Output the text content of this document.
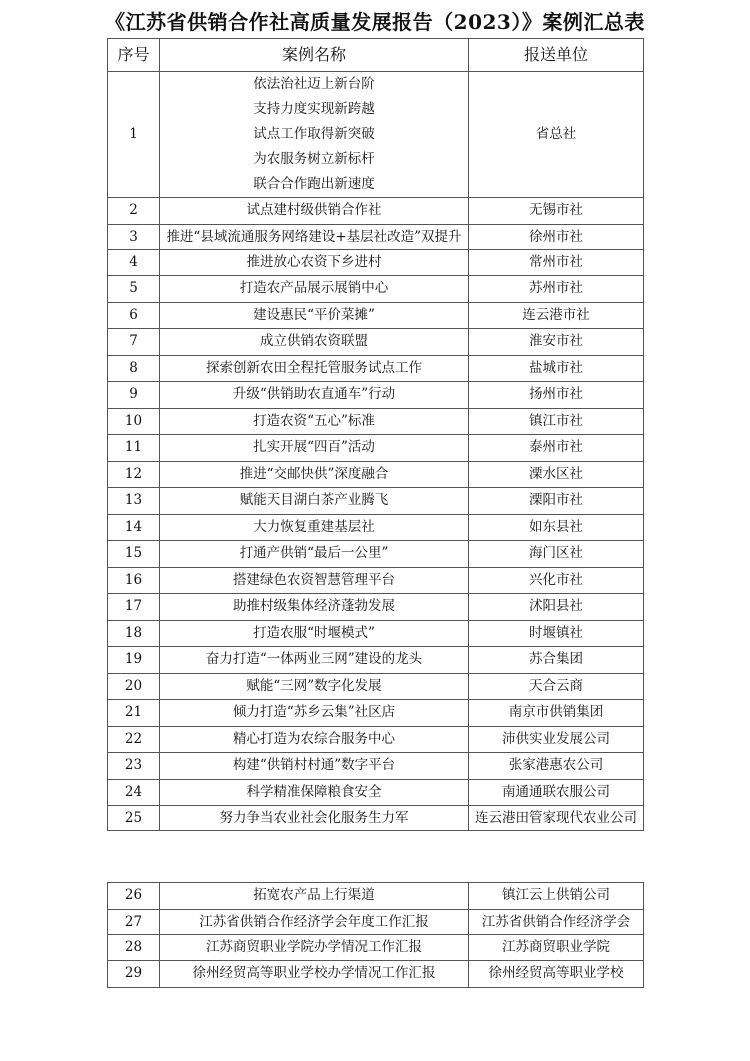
《江苏省供销合作社高质量发展报告（2023）》案例汇总表
序号	案例名称	报送单位
1	依法治社迈上新台阶
支持力度实现新跨越
试点工作取得新突破
为农服务树立新标杆
联合合作跑出新速度	省总社
2	试点建村级供销合作社	无锡市社
3	推进“县域流通服务网络建设+基层社改造”双提升	徐州市社
4	推进放心农资下乡进村	常州市社
5	打造农产品展示展销中心	苏州市社
6	建设惠民“平价菜摊”	连云港市社
7	成立供销农资联盟	淮安市社
8	探索创新农田全程托管服务试点工作	盐城市社
9	升级“供销助农直通车”行动	扬州市社
10	打造农资“五心”标准	镇江市社
11	扎实开展“四百”活动	泰州市社
12	推进“交邮快供”深度融合	溧水区社
13	赋能天目湖白茶产业腾飞	溧阳市社
14	大力恢复重建基层社	如东县社
15	打通产供销“最后一公里”	海门区社
16	搭建绿色农资智慧管理平台	兴化市社
17	助推村级集体经济蓬勃发展	沭阳县社
18	打造农服“时堰模式”	时堰镇社
19	奋力打造“一体两业三网”建设的龙头	苏合集团
20	赋能“三网”数字化发展	天合云商
21	倾力打造“苏乡云集”社区店	南京市供销集团
22	精心打造为农综合服务中心	沛供实业发展公司
23	构建“供销村村通”数字平台	张家港惠农公司
24	科学精准保障粮食安全	南通通联农服公司
25	努力争当农业社会化服务生力军	连云港田管家现代农业公司
26	拓宽农产品上行渠道	镇江云上供销公司
27	江苏省供销合作经济学会年度工作汇报	江苏省供销合作经济学会
28	江苏商贸职业学院办学情况工作汇报	江苏商贸职业学院
29	徐州经贸高等职业学校办学情况工作汇报	徐州经贸高等职业学校
